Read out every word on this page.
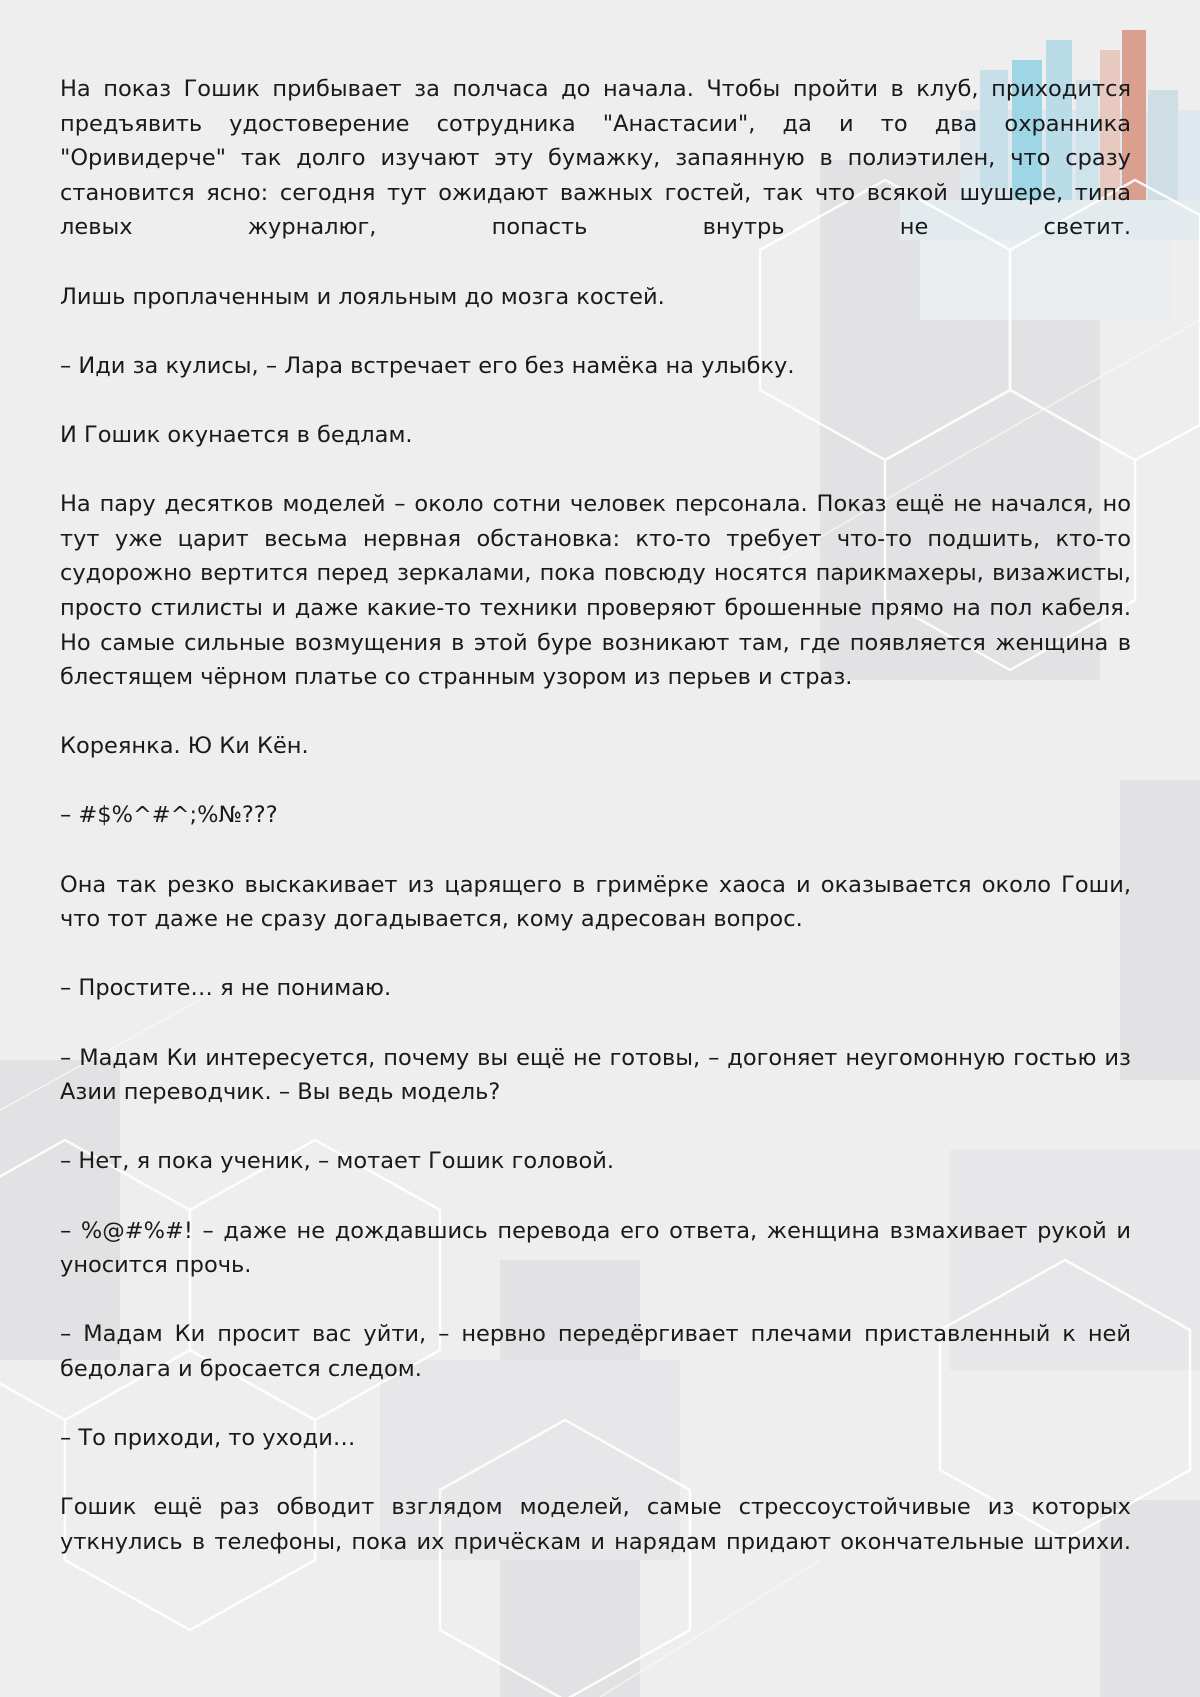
На показ Гошик прибывает за полчаса до начала. Чтобы пройти в клуб, приходится предъявить удостоверение сотрудника "Анастасии", да и то два охранника "Оривидерче" так долго изучают эту бумажку, запаянную в полиэтилен, что сразу становится ясно: сегодня тут ожидают важных гостей, так что всякой шушере, типа левых журналюг, попасть внутрь не светит.

Лишь проплаченным и лояльным до мозга костей.

– Иди за кулисы, – Лара встречает его без намёка на улыбку.

И Гошик окунается в бедлам.

На пару десятков моделей – около сотни человек персонала. Показ ещё не начался, но тут уже царит весьма нервная обстановка: кто-то требует что-то подшить, кто-то судорожно вертится перед зеркалами, пока повсюду носятся парикмахеры, визажисты, просто стилисты и даже какие-то техники проверяют брошенные прямо на пол кабеля. Но самые сильные возмущения в этой буре возникают там, где появляется женщина в блестящем чёрном платье со странным узором из перьев и страз.

Кореянка. Ю Ки Кён.

– #$%^#^;%№???

Она так резко выскакивает из царящего в гримёрке хаоса и оказывается около Гоши, что тот даже не сразу догадывается, кому адресован вопрос.

– Простите… я не понимаю.

– Мадам Ки интересуется, почему вы ещё не готовы, – догоняет неугомонную гостью из Азии переводчик. – Вы ведь модель?

– Нет, я пока ученик, – мотает Гошик головой.

– %@#%#! – даже не дождавшись перевода его ответа, женщина взмахивает рукой и уносится прочь.

– Мадам Ки просит вас уйти, – нервно передёргивает плечами приставленный к ней бедолага и бросается следом.

– То приходи, то уходи…

Гошик ещё раз обводит взглядом моделей, самые стрессоустойчивые из которых уткнулись в телефоны, пока их причёскам и нарядам придают окончательные штрихи.
